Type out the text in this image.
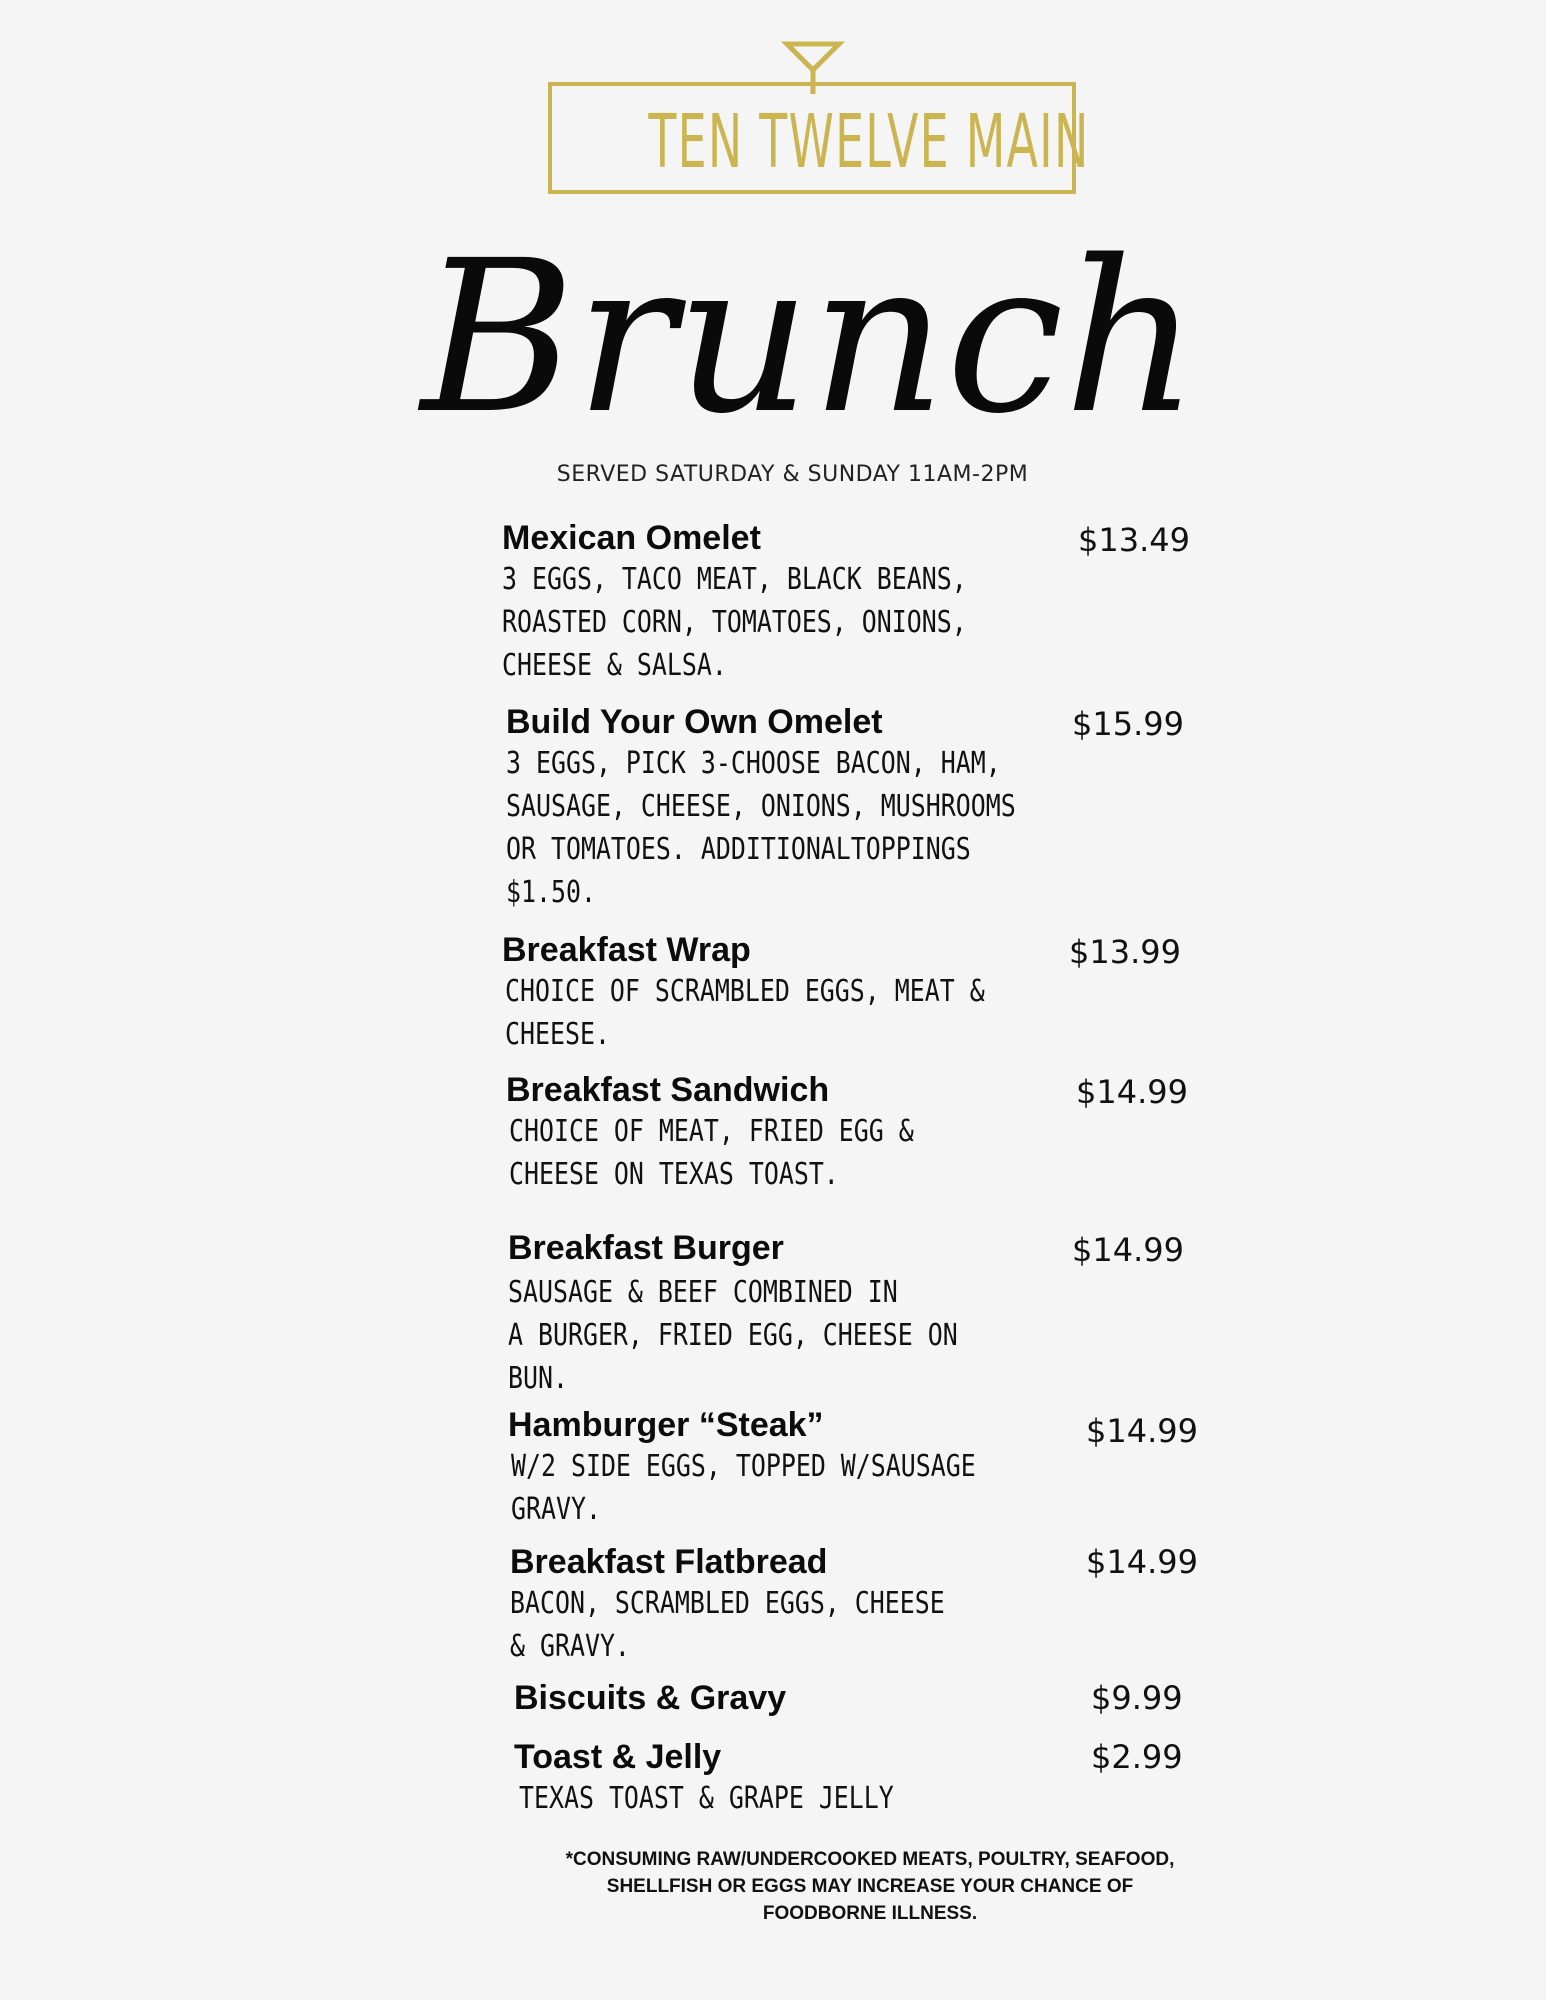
TEN TWELVE MAIN
Brunch
SERVED SATURDAY & SUNDAY 11AM-2PM
Mexican Omelet	$13.49
3 EGGS, TACO MEAT, BLACK BEANS,
ROASTED CORN, TOMATOES, ONIONS,
CHEESE & SALSA.
Build Your Own Omelet	$15.99
3 EGGS, PICK 3-CHOOSE BACON, HAM,
SAUSAGE, CHEESE, ONIONS, MUSHROOMS
OR TOMATOES. ADDITIONALTOPPINGS
$1.50.
Breakfast Wrap	$13.99
CHOICE OF SCRAMBLED EGGS, MEAT &
CHEESE.
Breakfast Sandwich	$14.99
CHOICE OF MEAT, FRIED EGG &
CHEESE ON TEXAS TOAST.
Breakfast Burger	$14.99
SAUSAGE & BEEF COMBINED IN
A BURGER, FRIED EGG, CHEESE ON
BUN.
Hamburger “Steak”	$14.99
W/2 SIDE EGGS, TOPPED W/SAUSAGE
GRAVY.
Breakfast Flatbread	$14.99
BACON, SCRAMBLED EGGS, CHEESE
& GRAVY.
Biscuits & Gravy	$9.99
Toast & Jelly	$2.99
TEXAS TOAST & GRAPE JELLY
*CONSUMING RAW/UNDERCOOKED MEATS, POULTRY, SEAFOOD, SHELLFISH OR EGGS MAY INCREASE YOUR CHANCE OF FOODBORNE ILLNESS.
